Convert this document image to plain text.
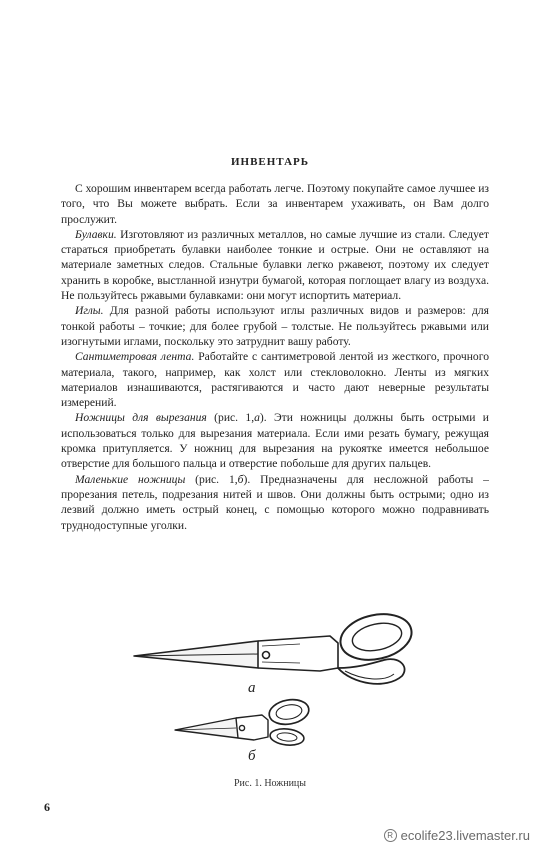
ИНВЕНТАРЬ

С хорошим инвентарем всегда работать легче. Поэтому покупайте самое лучшее из того, что Вы можете выбрать. Если за инвентарем ухаживать, он Вам долго прослужит.

Булавки. Изготовляют из различных металлов, но самые лучшие из стали. Следует стараться приобретать булавки наиболее тонкие и острые. Они не оставляют на материале заметных следов. Стальные булавки легко ржавеют, поэтому их следует хранить в коробке, выстланной изнутри бумагой, которая поглощает влагу из воздуха. Не пользуйтесь ржавыми булавками: они могут испортить материал.

Иглы. Для разной работы используют иглы различных видов и размеров: для тонкой работы – точкие; для более грубой – толстые. Не пользуйтесь ржавыми или изогнутыми иглами, поскольку это затруднит вашу работу.

Сантиметровая лента. Работайте с сантиметровой лентой из жесткого, прочного материала, такого, например, как холст или стекловолокно. Ленты из мягких материалов изнашиваются, растягиваются и часто дают неверные результаты измерений.

Ножницы для вырезания (рис. 1,а). Эти ножницы должны быть острыми и использоваться только для вырезания материала. Если ими резать бумагу, режущая кромка притупляется. У ножниц для вырезания на рукоятке имеется небольшое отверстие для большого пальца и отверстие побольше для других пальцев.

Маленькие ножницы (рис. 1,б). Предназначены для несложной работы – прорезания петель, подрезания нитей и швов. Они должны быть острыми; одно из лезвий должно иметь острый конец, с помощью которого можно подравнивать труднодоступные уголки.

а
б
Рис. 1. Ножницы
6
R ecolife23.livemaster.ru
